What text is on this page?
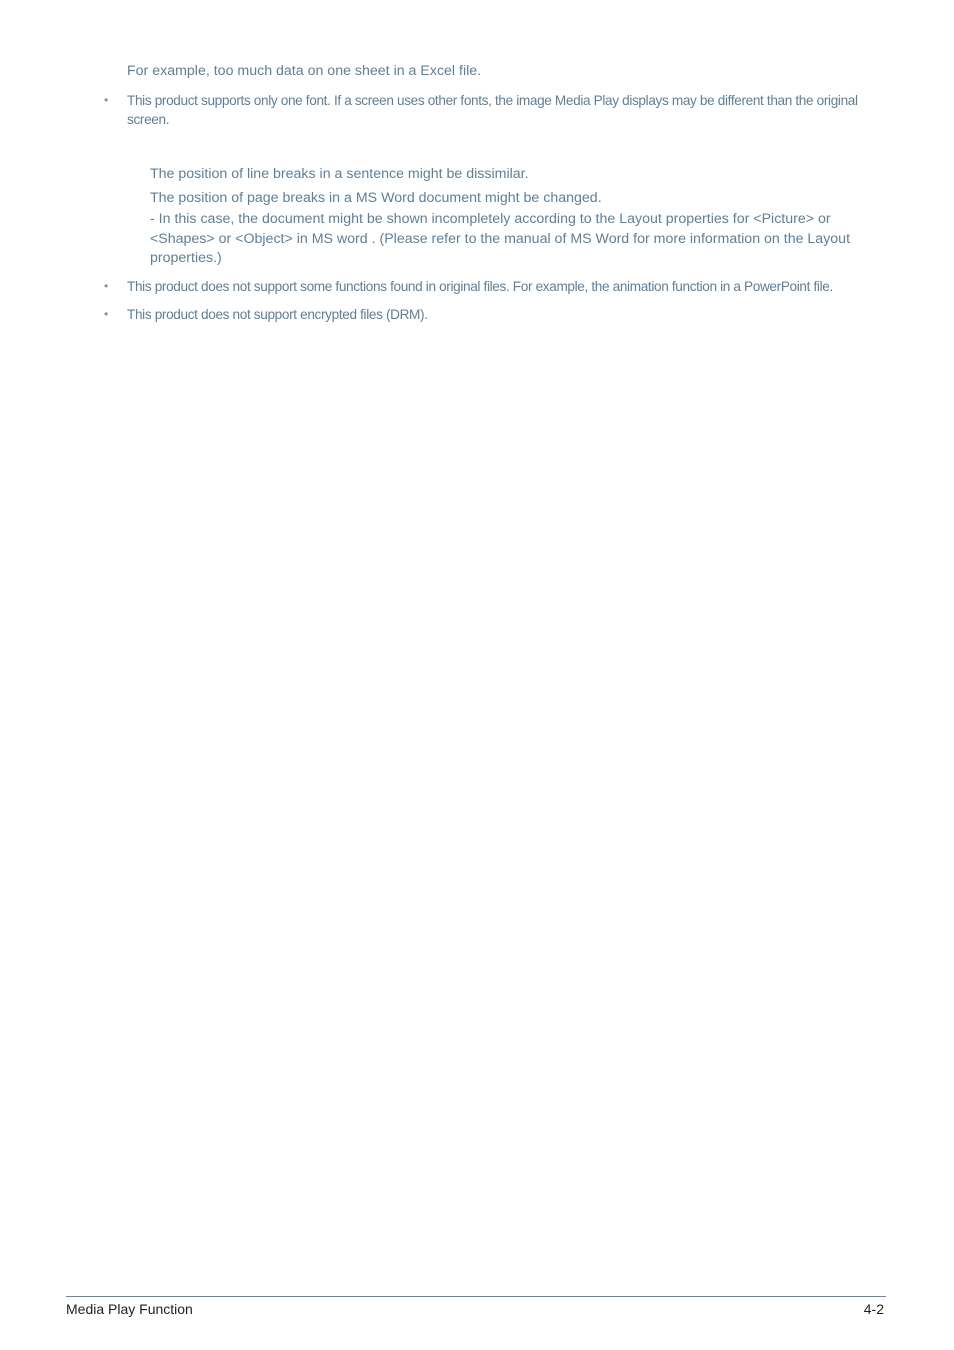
For example, too much data on one sheet in a Excel file.

•	This product supports only one font. If a screen uses other fonts, the image Media Play displays may be different than the original screen.
The position of line breaks in a sentence might be dissimilar.
The position of page breaks in a MS Word document might be changed.
- In this case, the document might be shown incompletely according to the Layout properties for <Picture> or <Shapes> or <Object> in MS word . (Please refer to the manual of MS Word for more information on the Layout properties.)
•	This product does not support some functions found in original files. For example, the animation function in a PowerPoint file.
•	This product does not support encrypted files (DRM).
Media Play Function	4-2
